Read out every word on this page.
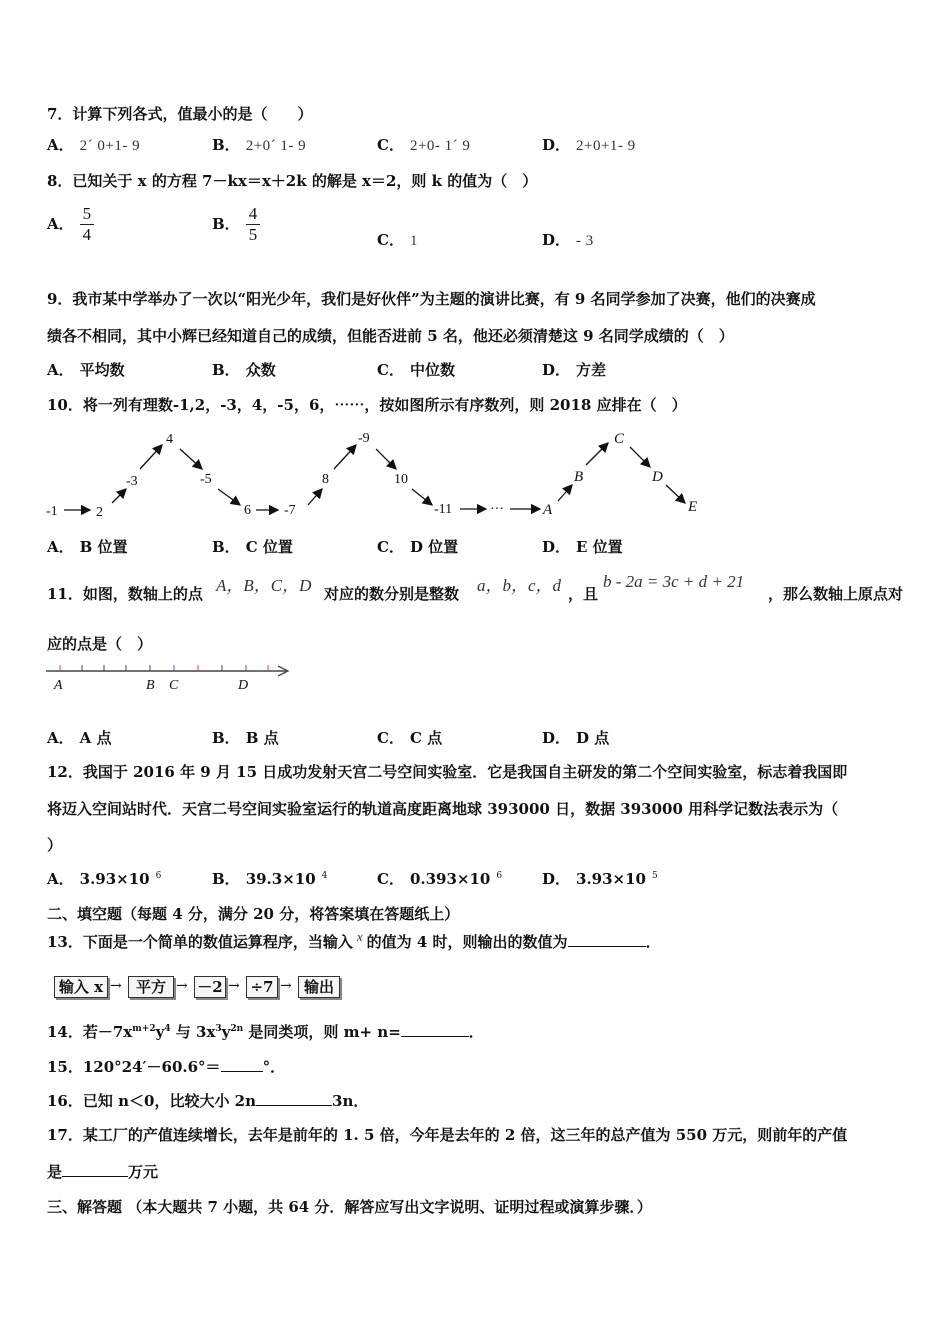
7．计算下列各式，值最小的是（　　）
A． 2´ 0+1- 9	B． 2+0´ 1- 9	C． 2+0- 1´ 9	D． 2+0+1- 9
8．已知关于 x 的方程 7－kx＝x＋2k 的解是 x＝2，则 k 的值为（　）
A． $\frac{5}{4}$	B． $\frac{4}{5}$	C． 1	D． - 3
9．我市某中学举办了一次以“阳光少年，我们是好伙伴”为主题的演讲比赛，有 9 名同学参加了决赛，他们的决赛成
绩各不相同，其中小辉已经知道自己的成绩，但能否进前 5 名，他还必须清楚这 9 名同学成绩的（　）
A． 平均数	B． 众数	C． 中位数	D． 方差
10．将一列有理数-1,2，-3，4，-5，6，⋯⋯，按如图所示有序数列，则 2018 应排在（　）
-1	2
-3
4
-5
6 -7
8
-9
10
-11	···	A
B
C
D
E
A． B 位置	B． C 位置	C． D 位置	D． E 位置
11．如图，数轴上的点 A，B，C，D 对应的数分别是整数 a，b，c，d ，且
b - 2a = 3c + d + 21
，那么数轴上原点对
应的点是（　）
A	B C	D
A． A 点	B． B 点	C． C 点	D． D 点
12．我国于 2016 年 9 月 15 日成功发射天宫二号空间实验室．它是我国自主研发的第二个空间实验室，标志着我国即
将迈入空间站时代．天宫二号空间实验室运行的轨道高度距离地球 393000 日，数据 393000 用科学记数法表示为（
）
A． 3.93×10 $^6$	B． 39.3×10 $^4$	C． 0.393×10 $^6$	D． 3.93×10 $^5$
二、填空题（每题 4 分，满分 20 分，将答案填在答题纸上）
13．下面是一个简单的数值运算程序，当输入 x 的值为 4 时，则输出的数值为	．
输入 x → 平方 → －2 → ÷7 → 输出
14．若$-7x^{m+2}y^4$ 与 $3x^3y^{2n}$ 是同类项，则 m+ n=	．
15．120°24′－60.6°＝	°．
16．已知 n＜0，比较大小 2n	3n．
17．某工厂的产值连续增长，去年是前年的 1. 5 倍，今年是去年的 2 倍，这三年的总产值为 550 万元，则前年的产值
是	万元
三、解答题 （本大题共 7 小题，共 64 分．解答应写出文字说明、证明过程或演算步骤．）
